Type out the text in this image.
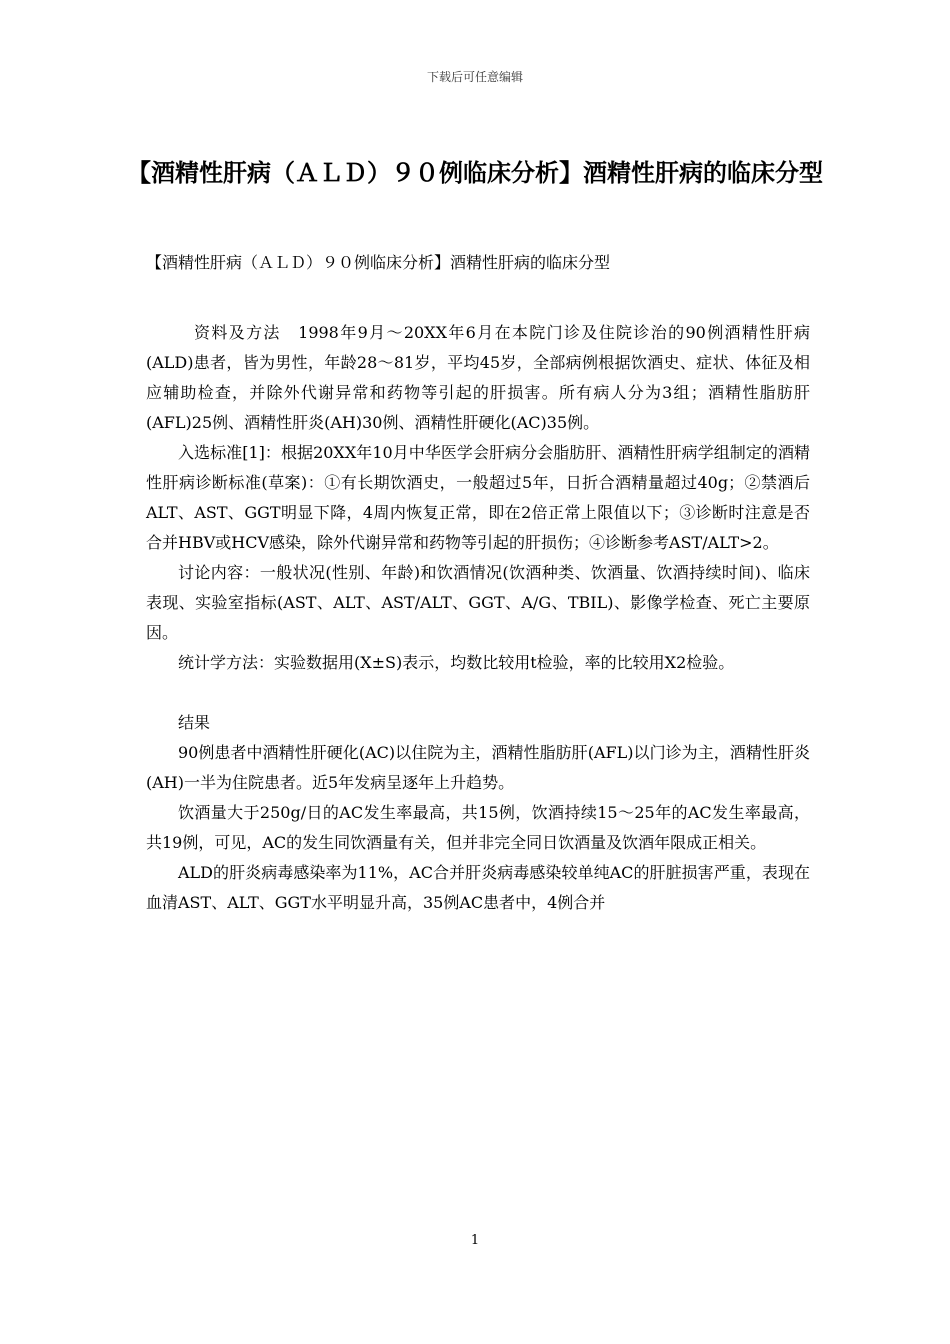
下载后可任意编辑
【酒精性肝病（ＡＬＤ）９０例临床分析】酒精性肝病的临床分型

【酒精性肝病（ＡＬＤ）９０例临床分析】酒精性肝病的临床分型

资料及方法　1998年9月～20XX年6月在本院门诊及住院诊治的90例酒精性肝病(ALD)患者，皆为男性，年龄28～81岁，平均45岁，全部病例根据饮酒史、症状、体征及相应辅助检查，并除外代谢异常和药物等引起的肝损害。所有病人分为3组；酒精性脂肪肝(AFL)25例、酒精性肝炎(AH)30例、酒精性肝硬化(AC)35例。

入选标准[1]：根据20XX年10月中华医学会肝病分会脂肪肝、酒精性肝病学组制定的酒精性肝病诊断标准(草案)：①有长期饮酒史，一般超过5年，日折合酒精量超过40g；②禁酒后ALT、AST、GGT明显下降，4周内恢复正常，即在2倍正常上限值以下；③诊断时注意是否合并HBV或HCV感染，除外代谢异常和药物等引起的肝损伤；④诊断参考AST/ALT>2。

讨论内容：一般状况(性别、年龄)和饮酒情况(饮酒种类、饮酒量、饮酒持续时间)、临床表现、实验室指标(AST、ALT、AST/ALT、GGT、A/G、TBIL)、影像学检查、死亡主要原因。

统计学方法：实验数据用(X±S)表示，均数比较用t检验，率的比较用X2检验。

结果

90例患者中酒精性肝硬化(AC)以住院为主，酒精性脂肪肝(AFL)以门诊为主，酒精性肝炎(AH)一半为住院患者。近5年发病呈逐年上升趋势。

饮酒量大于250g/日的AC发生率最高，共15例，饮酒持续15～25年的AC发生率最高，共19例，可见，AC的发生同饮酒量有关，但并非完全同日饮酒量及饮酒年限成正相关。

ALD的肝炎病毒感染率为11%，AC合并肝炎病毒感染较单纯AC的肝脏损害严重，表现在血清AST、ALT、GGT水平明显升高，35例AC患者中，4例合并

1
